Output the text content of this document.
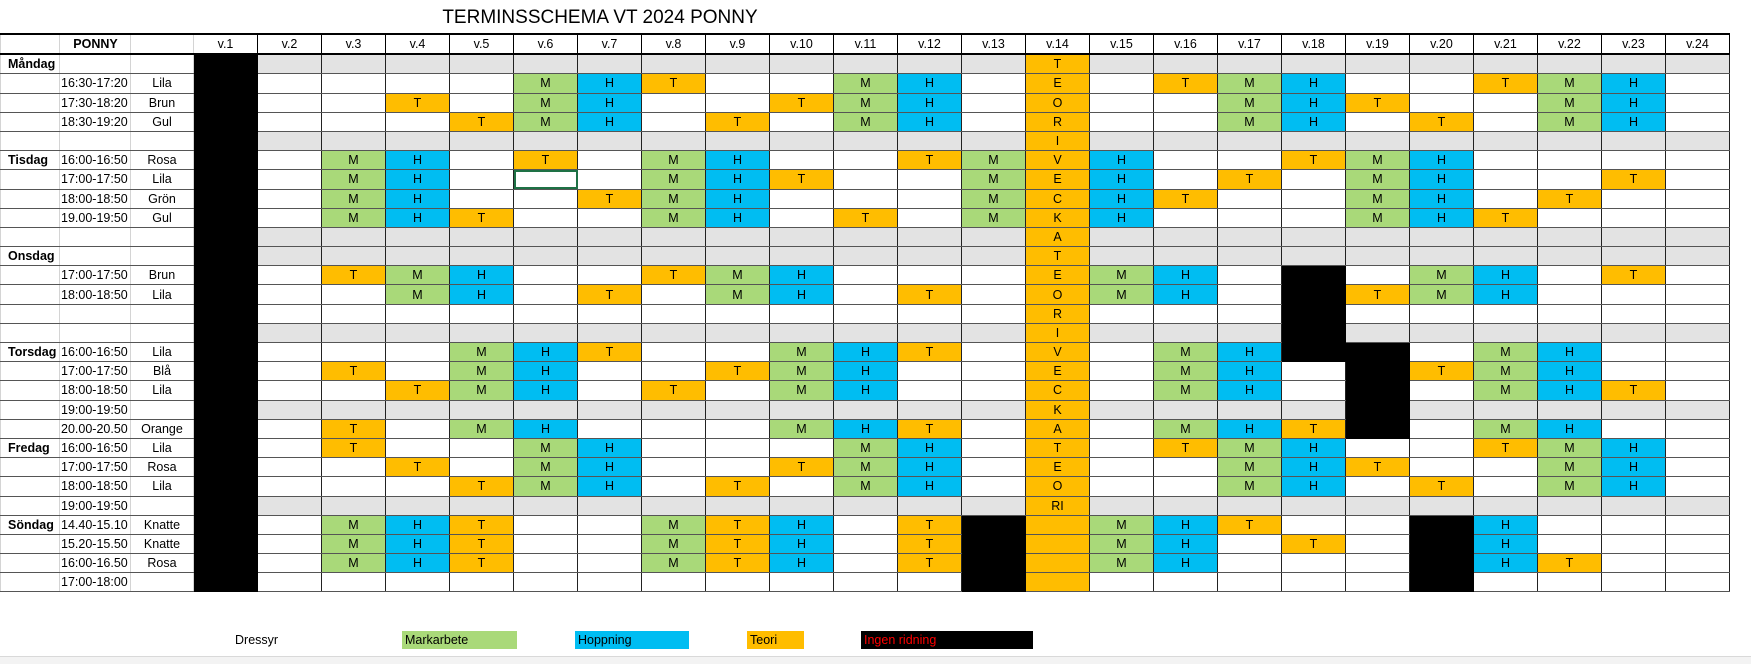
TERMINSSCHEMA VT 2024 PONNY
	PONNY		v.1	v.2	v.3	v.4	v.5	v.6	v.7	v.8	v.9	v.10	v.11	v.12	v.13	v.14	v.15	v.16	v.17	v.18	v.19	v.20	v.21	v.22	v.23	v.24
Måndag																T										
	16:30-17:20	Lila						M	H	T			M	H		E		T	M	H			T	M	H	
	17:30-18:20	Brun				T		M	H			T	M	H		O			M	H	T			M	H	
	18:30-19:20	Gul					T	M	H		T		M	H		R			M	H		T		M	H	
																I										
Tisdag	16:00-16:50	Rosa			M	H		T		M	H			T	M	V	H			T	M	H				
	17:00-17:50	Lila			M	H				M	H	T			M	E	H		T		M	H			T	
	18:00-18:50	Grön			M	H			T	M	H				M	C	H	T			M	H		T		
	19.00-19:50	Gul			M	H	T			M	H		T		M	K	H				M	H	T			
																A										
Onsdag																T										
	17:00-17:50	Brun			T	M	H			T	M	H				E	M	H				M	H		T	
	18:00-18:50	Lila				M	H		T		M	H		T		O	M	H			T	M	H			
																R										
																I										
Torsdag	16:00-16:50	Lila					M	H	T			M	H	T		V		M	H	T			M	H		
	17:00-17:50	Blå			T		M	H			T	M	H			E		M	H			T	M	H		
	18:00-18:50	Lila				T	M	H		T		M	H			C		M	H				M	H	T	
	19:00-19:50															K										
	20.00-20.50	Orange			T		M	H				M	H	T		A		M	H	T			M	H		
Fredag	16:00-16:50	Lila			T			M	H				M	H		T		T	M	H			T	M	H	
	17:00-17:50	Rosa				T		M	H			T	M	H		E			M	H	T			M	H	
	18:00-18:50	Lila					T	M	H		T		M	H		O			M	H		T		M	H	
	19:00-19:50															RI										
Söndag	14.40-15.10	Knatte			M	H	T			M	T	H		T			M	H	T				H			
	15.20-15.50	Knatte			M	H	T			M	T	H		T			M	H		T			H			
	16:00-16.50	Rosa			M	H	T			M	T	H		T			M	H					H	T		
	17:00-18:00																									
Dressyr	Markarbete	Hoppning	Teori	Ingen ridning
